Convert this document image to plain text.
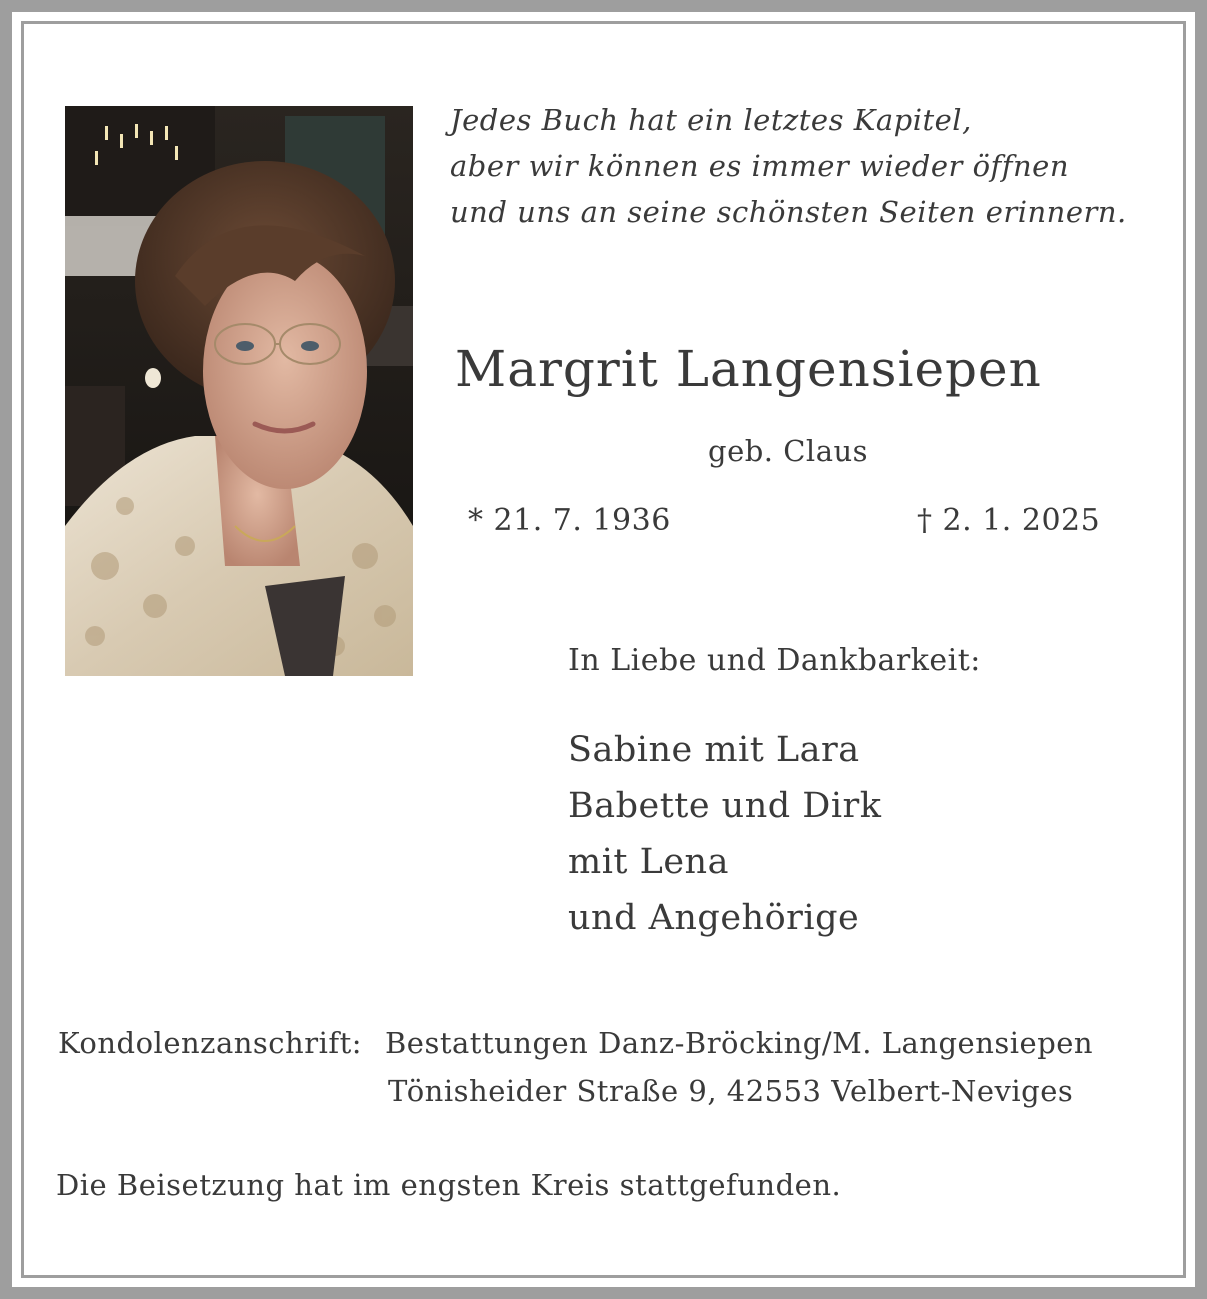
Jedes Buch hat ein letztes Kapitel,
aber wir können es immer wieder öffnen
und uns an seine schönsten Seiten erinnern.
Margrit Langensiepen
geb. Claus
* 21. 7. 1936	† 2. 1. 2025
In Liebe und Dankbarkeit:
Sabine mit Lara
Babette und Dirk
mit Lena
und Angehörige
Kondolenzanschrift: Bestattungen Danz-Bröcking/M. Langensiepen
Tönisheider Straße 9, 42553 Velbert-Neviges
Die Beisetzung hat im engsten Kreis stattgefunden.
